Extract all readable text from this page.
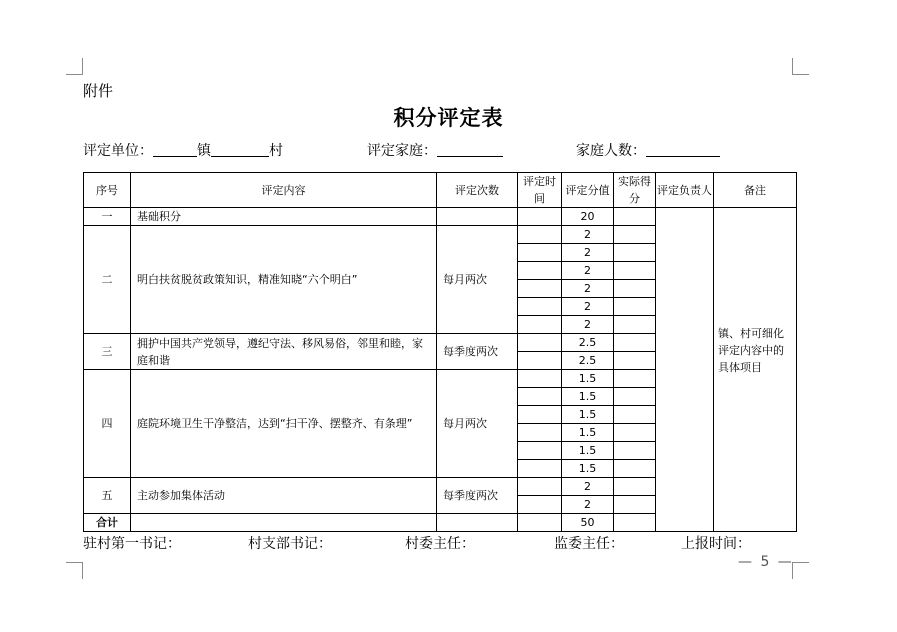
附件
积分评定表
评定单位：	镇	村	评定家庭：	家庭人数：
序号	评定内容	评定次数	评定时间	评定分值	实际得分	评定负责人	备注
一	基础积分			20			镇、村可细化评定内容中的具体项目

二	明白扶贫脱贫政策知识，精准知晓“六个明白”	每月两次		2			
				2			
				2			
				2			
				2			
				2			
三	拥护中国共产党领导，遵纪守法、移风易俗，邻里和睦，家庭和谐	每季度两次		2.5			
				2.5			
四	庭院环境卫生干净整洁，达到“扫干净、摆整齐、有条理”	每月两次		1.5			
				1.5			
				1.5			
				1.5			
				1.5			
				1.5			
五	主动参加集体活动	每季度两次		2			
				2			
合计				50			
驻村第一书记：	村支部书记：	村委主任：	监委主任：	上报时间：
— 5 —
